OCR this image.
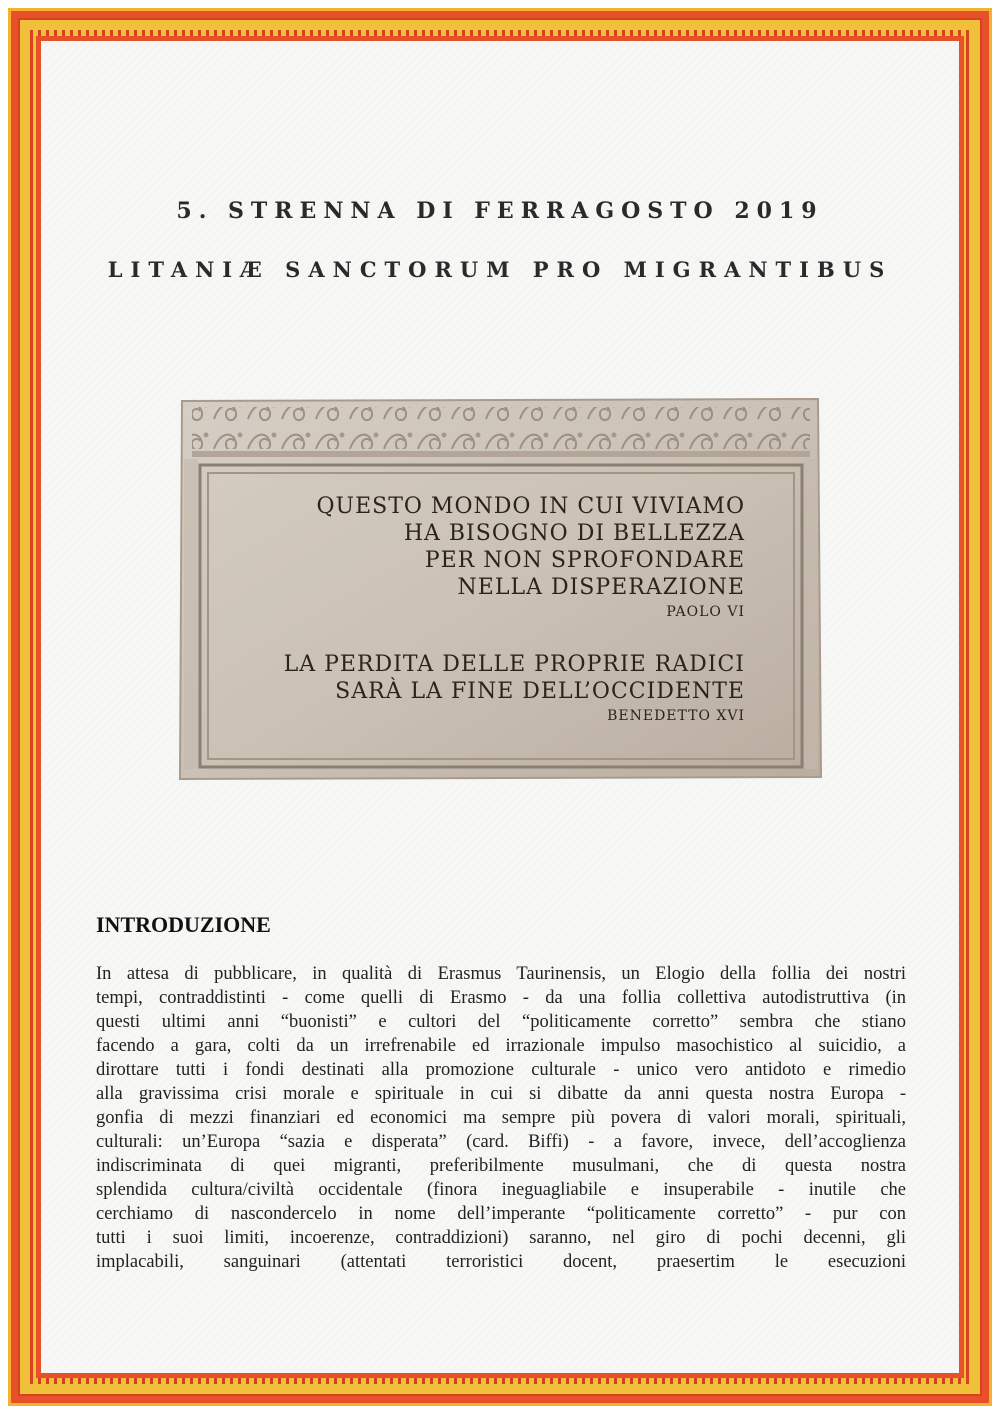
5. STRENNA DI FERRAGOSTO 2019
LITANIÆ SANCTORUM PRO MIGRANTIBUS
QUESTO MONDO IN CUI VIVIAMO
HA BISOGNO DI BELLEZZA
PER NON SPROFONDARE
NELLA DISPERAZIONE
PAOLO VI
LA PERDITA DELLE PROPRIE RADICI
SARÀ LA FINE DELL’OCCIDENTE
BENEDETTO XVI
INTRODUZIONE
In attesa di pubblicare, in qualità di Erasmus Taurinensis, un Elogio della follia dei nostri
tempi, contraddistinti - come quelli di Erasmo - da una follia collettiva autodistruttiva (in
questi ultimi anni “buonisti” e cultori del “politicamente corretto” sembra che stiano
facendo a gara, colti da un irrefrenabile ed irrazionale impulso masochistico al suicidio, a
dirottare tutti i fondi destinati alla promozione culturale - unico vero antidoto e rimedio
alla gravissima crisi morale e spirituale in cui si dibatte da anni questa nostra Europa -
gonfia di mezzi finanziari ed economici ma sempre più povera di valori morali, spirituali,
culturali: un’Europa “sazia e disperata” (card. Biffi) - a favore, invece, dell’accoglienza
indiscriminata di quei migranti, preferibilmente musulmani, che di questa nostra
splendida cultura/civiltà occidentale (finora ineguagliabile e insuperabile - inutile che
cerchiamo di nascondercelo in nome dell’imperante “politicamente corretto” - pur con
tutti i suoi limiti, incoerenze, contraddizioni) saranno, nel giro di pochi decenni, gli
implacabili, sanguinari (attentati terroristici docent, praesertim le esecuzioni
